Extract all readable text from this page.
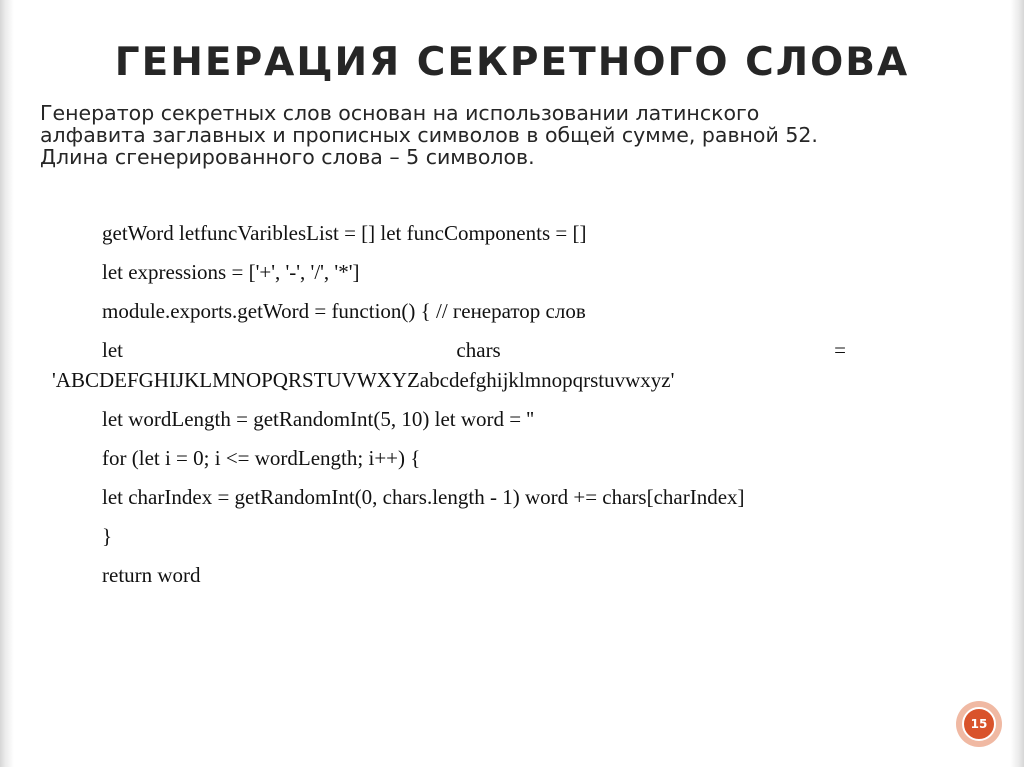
ГЕНЕРАЦИЯ СЕКРЕТНОГО СЛОВА
Генератор секретных слов основан на использовании латинского
алфавита заглавных и прописных символов в общей сумме, равной 52.
Длина сгенерированного слова – 5 символов.
getWord letfuncVariblesList = [] let funcComponents = []
let expressions = ['+', '-', '/', '*']
module.exports.getWord = function() { // генератор слов
let	chars	=
'ABCDEFGHIJKLMNOPQRSTUVWXYZabcdefghijklmnopqrstuvwxyz'
let wordLength = getRandomInt(5, 10) let word = ''
for (let i = 0; i <= wordLength; i++) {
let charIndex = getRandomInt(0, chars.length - 1) word += chars[charIndex]
}
return word
15
